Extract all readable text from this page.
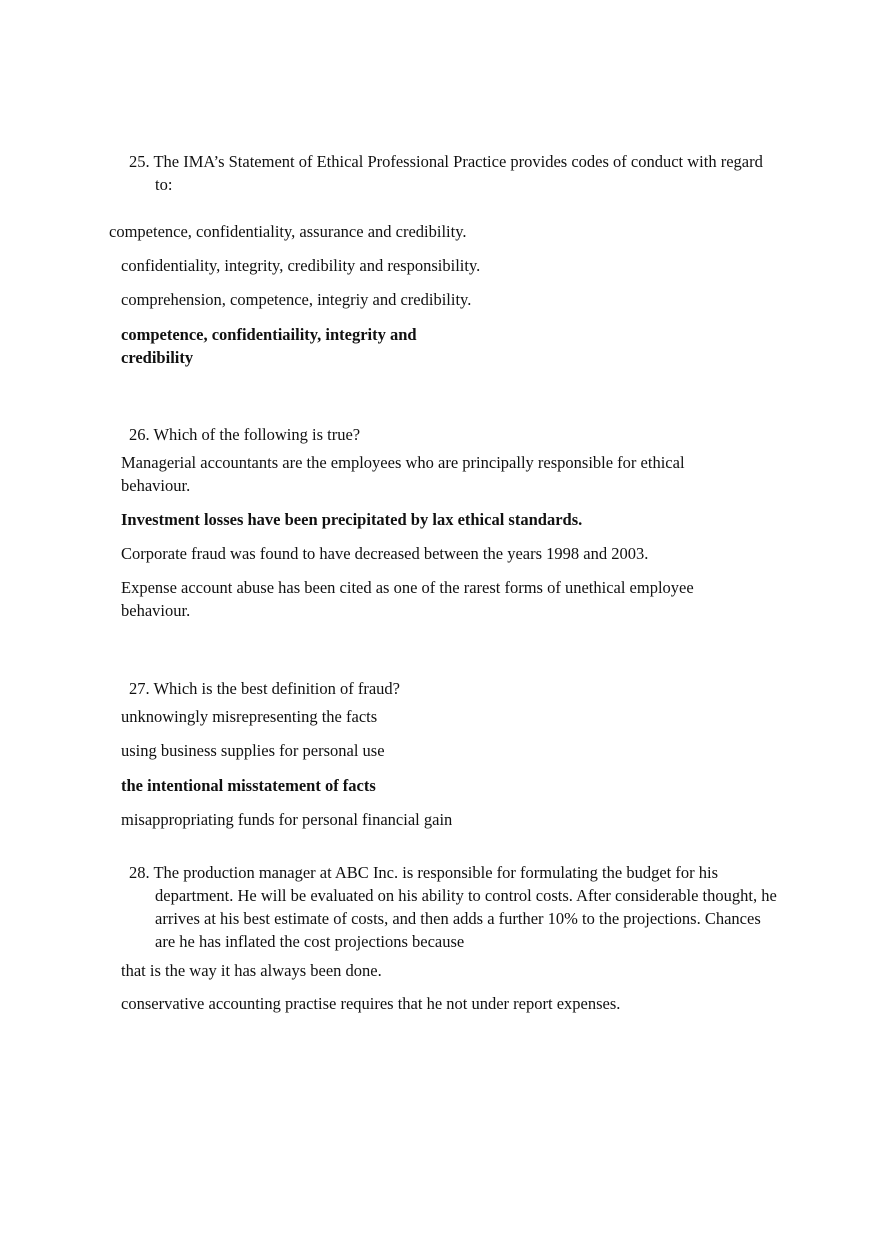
25. The IMA’s Statement of Ethical Professional Practice provides codes of conduct with regard to:
competence, confidentiality, assurance and credibility.
confidentiality, integrity, credibility and responsibility.
comprehension, competence, integriy and credibility.
competence, confidentiaility, integrity and credibility
26. Which of the following is true?
Managerial accountants are the employees who are principally responsible for ethical behaviour.
Investment losses have been precipitated by lax ethical standards.
Corporate fraud was found to have decreased between the years 1998 and 2003.
Expense account abuse has been cited as one of the rarest forms of unethical employee behaviour.
27. Which is the best definition of fraud?
unknowingly misrepresenting the facts
using business supplies for personal use
the intentional misstatement of facts
misappropriating funds for personal financial gain
28. The production manager at ABC Inc. is responsible for formulating the budget for his department. He will be evaluated on his ability to control costs. After considerable thought, he arrives at his best estimate of costs, and then adds a further 10% to the projections. Chances are he has inflated the cost projections because
that is the way it has always been done.
conservative accounting practise requires that he not under report expenses.
